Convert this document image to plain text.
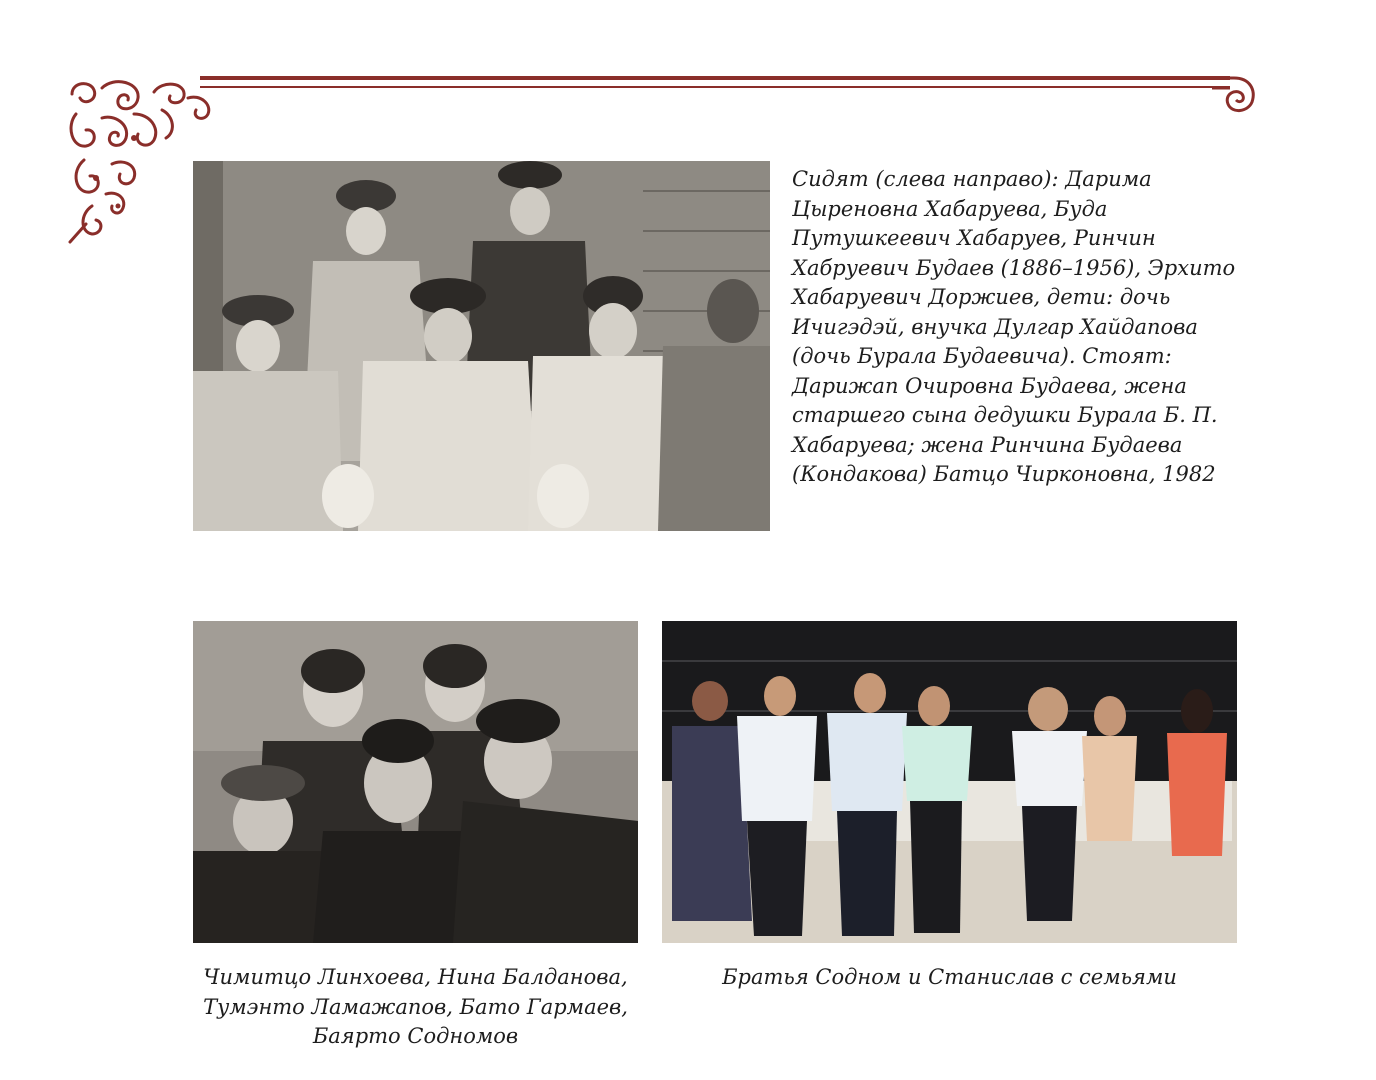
Сидят (слева направо): Дарима Цыреновна Хабаруева, Буда Путушкеевич Хабаруев, Ринчин Хабруевич Будаев (1886–1956), Эрхито Хабаруевич Доржиев, дети: дочь Ичигэдэй, внучка Дулгар Хайдапова (дочь Бурала Будаевича). Стоят: Дарижап Очировна Будаева, жена старшего сына дедушки Бурала Б. П. Хабаруева; жена Ринчина Будаева (Кондакова) Батцо Чирконовна, 1982
Чимитцо Линхоева, Нина Балданова, Тумэнто Ламажапов, Бато Гармаев, Баярто Содномов
Братья Содном и Станислав с семьями
